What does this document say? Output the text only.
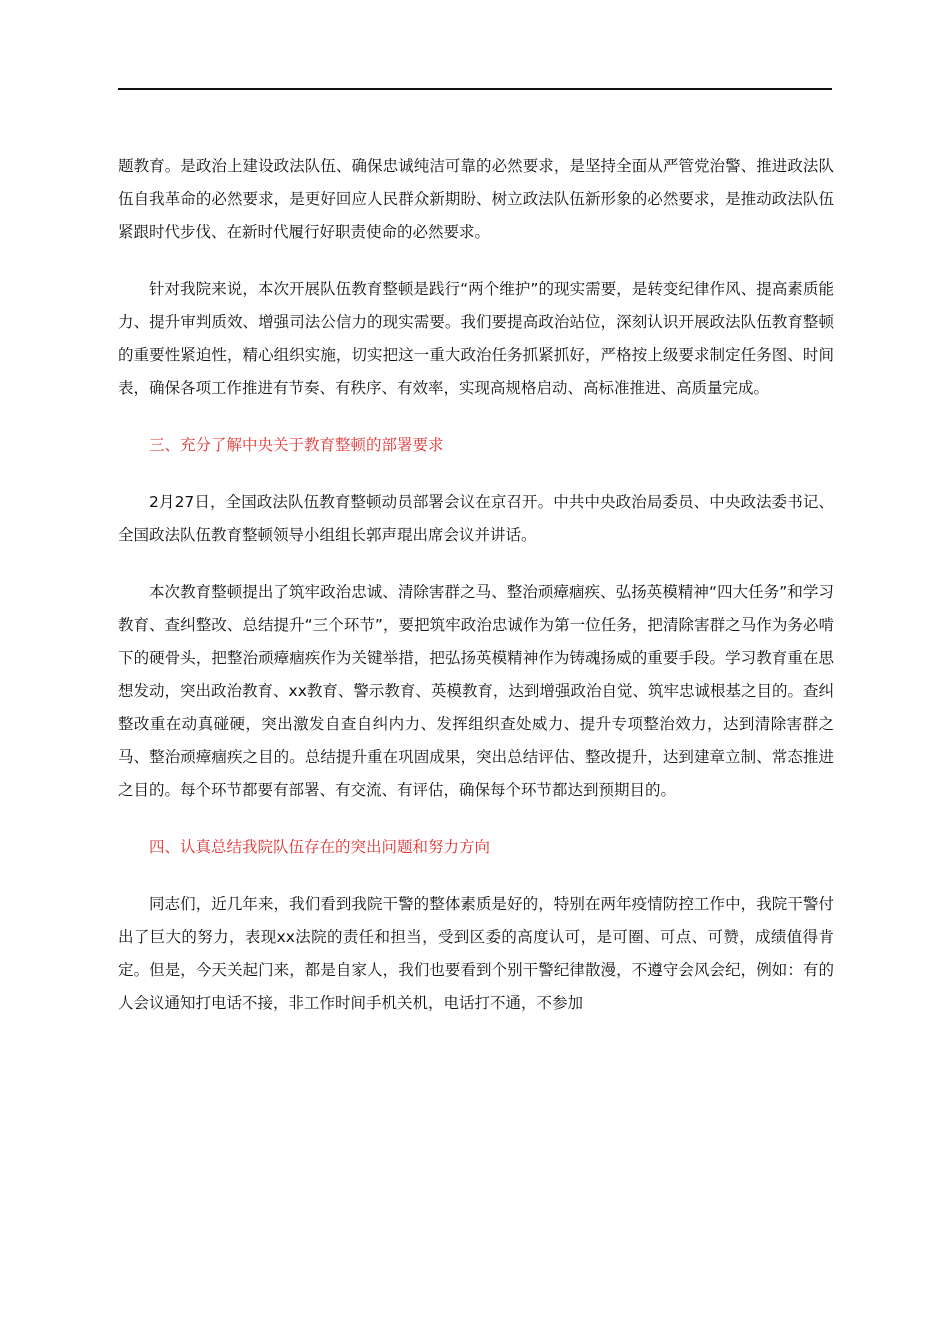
题教育。是政治上建设政法队伍、确保忠诚纯洁可靠的必然要求，是坚持全面从严管党治警、推进政法队伍自我革命的必然要求，是更好回应人民群众新期盼、树立政法队伍新形象的必然要求，是推动政法队伍紧跟时代步伐、在新时代履行好职责使命的必然要求。

针对我院来说，本次开展队伍教育整顿是践行“两个维护”的现实需要，是转变纪律作风、提高素质能力、提升审判质效、增强司法公信力的现实需要。我们要提高政治站位，深刻认识开展政法队伍教育整顿的重要性紧迫性，精心组织实施，切实把这一重大政治任务抓紧抓好，严格按上级要求制定任务图、时间表，确保各项工作推进有节奏、有秩序、有效率，实现高规格启动、高标准推进、高质量完成。

三、充分了解中央关于教育整顿的部署要求

2月27日，全国政法队伍教育整顿动员部署会议在京召开。中共中央政治局委员、中央政法委书记、全国政法队伍教育整顿领导小组组长郭声琨出席会议并讲话。

本次教育整顿提出了筑牢政治忠诚、清除害群之马、整治顽瘴痼疾、弘扬英模精神“四大任务”和学习教育、查纠整改、总结提升“三个环节”，要把筑牢政治忠诚作为第一位任务，把清除害群之马作为务必啃下的硬骨头，把整治顽瘴痼疾作为关键举措，把弘扬英模精神作为铸魂扬威的重要手段。学习教育重在思想发动，突出政治教育、xx教育、警示教育、英模教育，达到增强政治自觉、筑牢忠诚根基之目的。查纠整改重在动真碰硬，突出激发自查自纠内力、发挥组织查处威力、提升专项整治效力，达到清除害群之马、整治顽瘴痼疾之目的。总结提升重在巩固成果，突出总结评估、整改提升，达到建章立制、常态推进之目的。每个环节都要有部署、有交流、有评估，确保每个环节都达到预期目的。

四、认真总结我院队伍存在的突出问题和努力方向

同志们，近几年来，我们看到我院干警的整体素质是好的，特别在两年疫情防控工作中，我院干警付出了巨大的努力，表现xx法院的责任和担当，受到区委的高度认可，是可圈、可点、可赞，成绩值得肯定。但是，今天关起门来，都是自家人，我们也要看到个别干警纪律散漫，不遵守会风会纪，例如：有的人会议通知打电话不接，非工作时间手机关机，电话打不通，不参加
